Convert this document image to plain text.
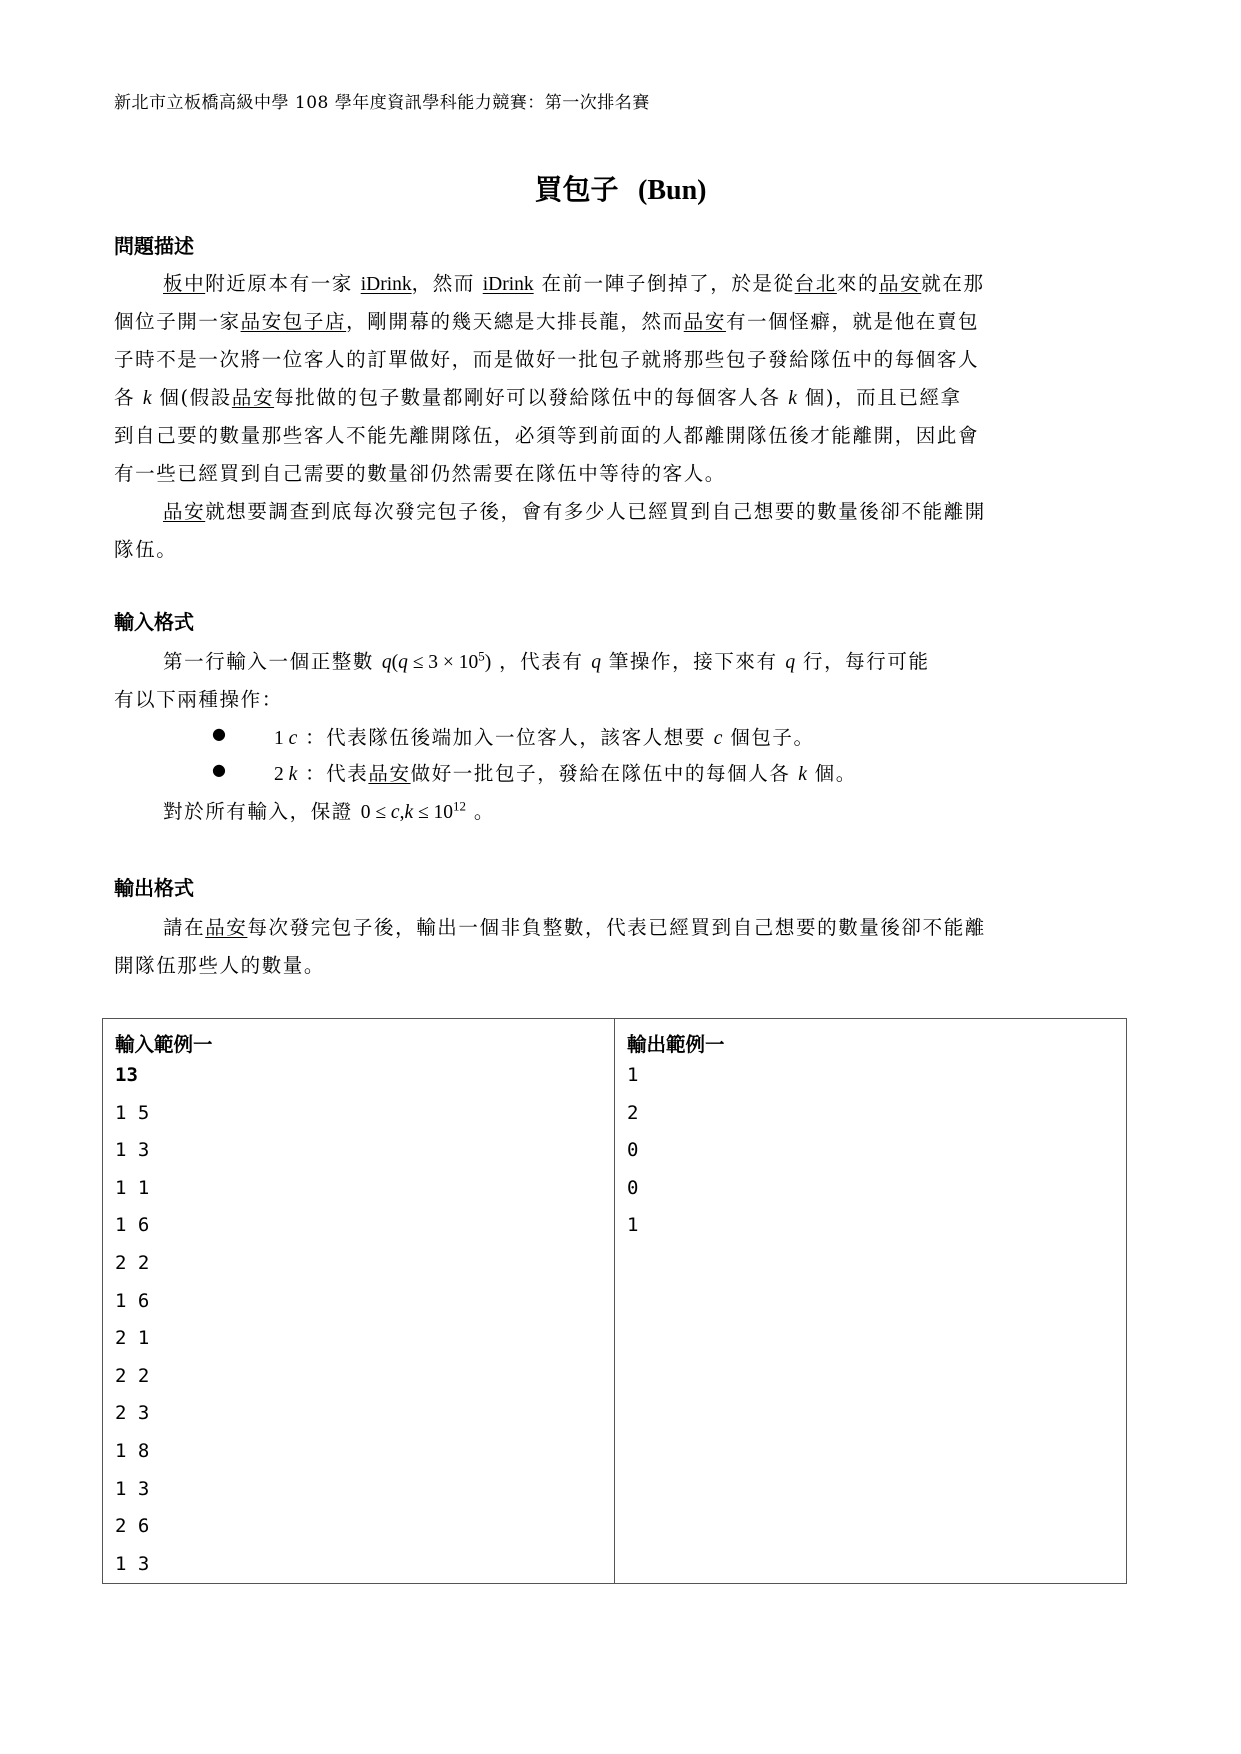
新北市立板橋高級中學 108 學年度資訊學科能力競賽：第一次排名賽
買包子 (Bun)
問題描述
板中附近原本有一家 iDrink，然而 iDrink 在前一陣子倒掉了，於是從台北來的品安就在那
個位子開一家品安包子店，剛開幕的幾天總是大排長龍，然而品安有一個怪癖，就是他在賣包
子時不是一次將一位客人的訂單做好，而是做好一批包子就將那些包子發給隊伍中的每個客人
各 k 個(假設品安每批做的包子數量都剛好可以發給隊伍中的每個客人各 k 個)，而且已經拿
到自己要的數量那些客人不能先離開隊伍，必須等到前面的人都離開隊伍後才能離開，因此會
有一些已經買到自己需要的數量卻仍然需要在隊伍中等待的客人。
品安就想要調查到底每次發完包子後，會有多少人已經買到自己想要的數量後卻不能離開
隊伍。
輸入格式
第一行輸入一個正整數 $q(q \le 3 \times 10^5)$ ，代表有 q 筆操作，接下來有 q 行，每行可能
有以下兩種操作：
● 1 c ：代表隊伍後端加入一位客人，該客人想要 c 個包子。
● 2 k ：代表品安做好一批包子，發給在隊伍中的每個人各 k 個。
對於所有輸入，保證 $0 \le c,k \le 10^{12}$ 。
輸出格式
請在品安每次發完包子後，輸出一個非負整數，代表已經買到自己想要的數量後卻不能離
開隊伍那些人的數量。
輸入範例一
13
1 5
1 3
1 1
1 6
2 2
1 6
2 1
2 2
2 3
1 8
1 3
2 6
1 3

輸出範例一
1
2
0
0
1
